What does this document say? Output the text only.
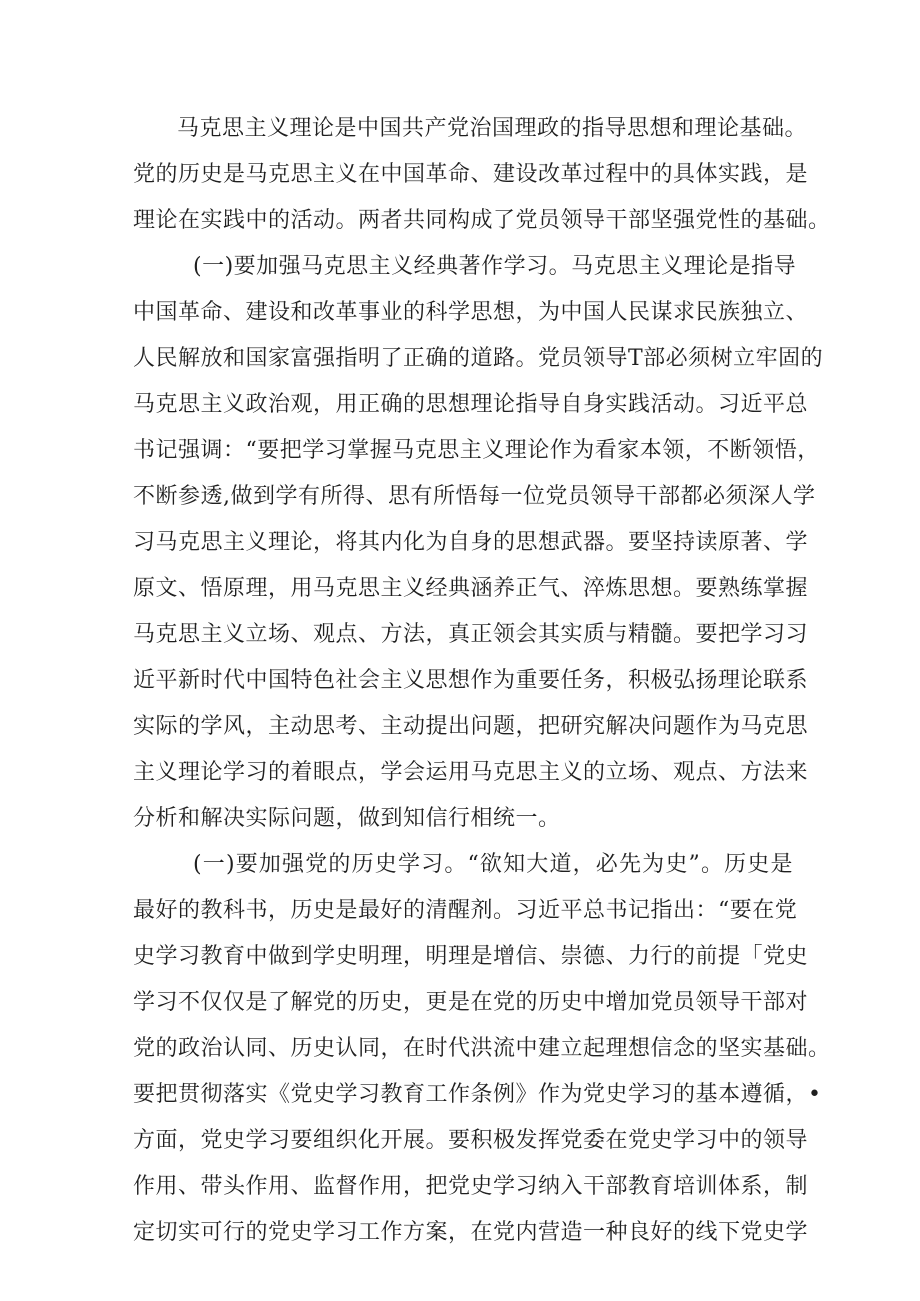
马克思主义理论是中国共产党治国理政的指导思想和理论基础。
党的历史是马克思主义在中国革命、建设改革过程中的具体实践，是
理论在实践中的活动。两者共同构成了党员领导干部坚强党性的基础。
(一)要加强马克思主义经典著作学习。马克思主义理论是指导
中国革命、建设和改革事业的科学思想，为中国人民谋求民族独立、
人民解放和国家富强指明了正确的道路。党员领导T部必须树立牢固的
马克思主义政治观，用正确的思想理论指导自身实践活动。习近平总
书记强调：“要把学习掌握马克思主义理论作为看家本领，不断领悟，
不断参透,做到学有所得、思有所悟每一位党员领导干部都必须深人学
习马克思主义理论，将其内化为自身的思想武器。要坚持读原著、学
原文、悟原理，用马克思主义经典涵养正气、淬炼思想。要熟练掌握
马克思主义立场、观点、方法，真正领会其实质与精髓。要把学习习
近平新时代中国特色社会主义思想作为重要任务，积极弘扬理论联系
实际的学风，主动思考、主动提出问题，把研究解决问题作为马克思
主义理论学习的着眼点，学会运用马克思主义的立场、观点、方法来
分析和解决实际问题，做到知信行相统一。
(一)要加强党的历史学习。“欲知大道，必先为史”。历史是
最好的教科书，历史是最好的清醒剂。习近平总书记指出：“要在党
史学习教育中做到学史明理，明理是增信、崇德、力行的前提「党史
学习不仅仅是了解党的历史，更是在党的历史中增加党员领导干部对
党的政治认同、历史认同，在时代洪流中建立起理想信念的坚实基础。
要把贯彻落实《党史学习教育工作条例》作为党史学习的基本遵循，•
方面，党史学习要组织化开展。要积极发挥党委在党史学习中的领导
作用、带头作用、监督作用，把党史学习纳入干部教育培训体系，制
定切实可行的党史学习工作方案，在党内营造一种良好的线下党史学
